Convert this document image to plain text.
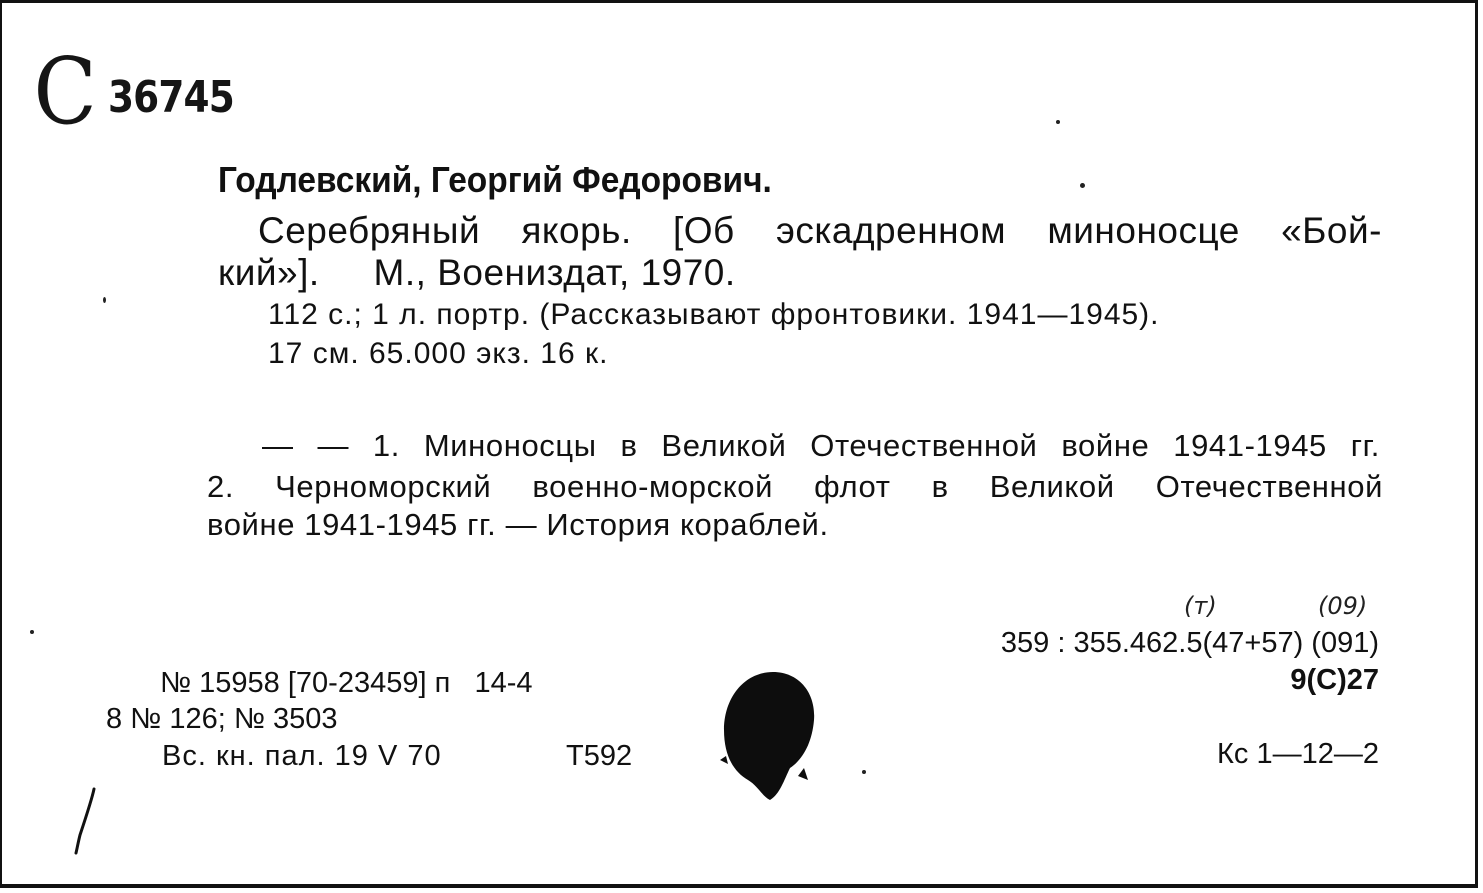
С 36745
Годлевский, Георгий Федорович.
Серебряный якорь. [Об эскадренном миноносце «Бой-
кий»].     М., Воениздат, 1970.
112 с.; 1 л. портр. (Рассказывают фронтовики. 1941—1945).
17 см. 65.000 экз. 16 к.
— — 1. Миноносцы в Великой Отечественной войне 1941-1945 гг.
2. Черноморский военно-морской флот в Великой Отечественной
войне 1941-1945 гг. — История кораблей.
(т)	(09)
359 : 355.462.5(47+57) (091)
9(С)27
Кс 1—12—2
№ 15958 [70-23459] п   14-4
8 № 126; № 3503
Вс. кн. пал. 19 V 70	Т592
